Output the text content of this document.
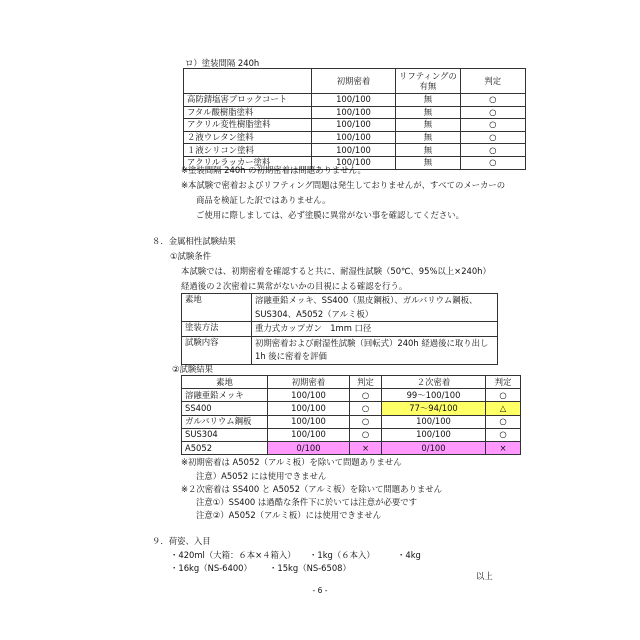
ロ）塗装間隔 240h
	初期密着	リフティングの
有無	判定
高防錆塩害ブロックコート	100/100	無	○
フタル酸樹脂塗料	100/100	無	○
アクリル変性樹脂塗料	100/100	無	○
２液ウレタン塗料	100/100	無	○
１液シリコン塗料	100/100	無	○
アクリルラッカー塗料	100/100	無	○
※塗装間隔 240h の初期密着は問題ありません。
※本試験で密着およびリフティング問題は発生しておりませんが、すべてのメーカーの
商品を検証した訳ではありません。
ご使用に際しましては、必ず塗膜に異常がない事を確認してください。
８．金属相性試験結果
①試験条件
本試験では、初期密着を確認すると共に、耐湿性試験（50℃、95%以上×240h）
経過後の２次密着に異常がないかの目視による確認を行う。
素地	溶融亜鉛メッキ、SS400（黒皮鋼板）、ガルバリウム鋼板、
SUS304、A5052（アルミ板）

塗装方法	重力式カップガン　1mm 口径

試験内容	初期密着および耐湿性試験（回転式）240h 経過後に取り出し
1h 後に密着を評価
②試験結果
素地	初期密着	判定	２次密着	判定
溶融亜鉛メッキ	100/100	○	99～100/100	○
SS400	100/100	○	77～94/100	△
ガルバリウム鋼板	100/100	○	100/100	○
SUS304	100/100	○	100/100	○
A5052	0/100	×	0/100	×
※初期密着は A5052（アルミ板）を除いて問題ありません
注意）A5052 には使用できません
※２次密着は SS400 と A5052（アルミ板）を除いて問題ありません
注意①）SS400 は過酷な条件下に於いては注意が必要です
注意②）A5052（アルミ板）には使用できません
９．荷姿、入目
・420ml（大箱：６本×４箱入） ・1kg（６本入）	・4kg
・16kg（NS-6400） ・15kg（NS-6508）
以上
- 6 -
